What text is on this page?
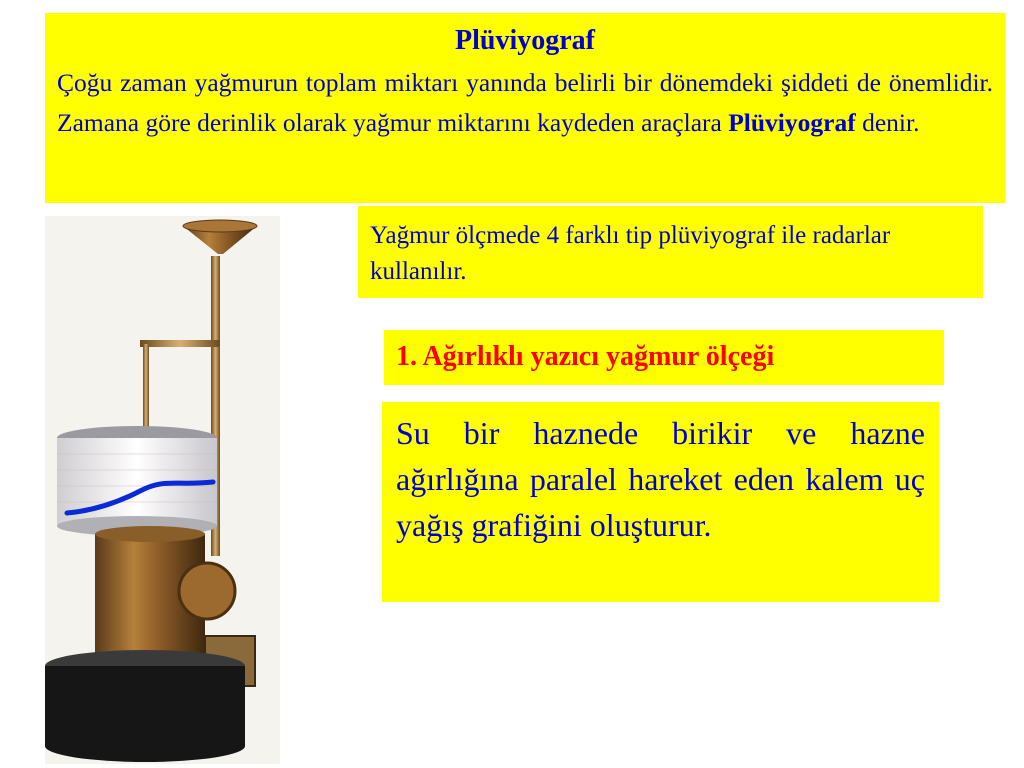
Plüviyograf

Çoğu zaman yağmurun toplam miktarı yanında belirli bir dönemdeki şiddeti de önemlidir. Zamana göre derinlik olarak yağmur miktarını kaydeden araçlara Plüviyograf denir.

Yağmur ölçmede 4 farklı tip plüviyograf ile radarlar kullanılır.
1. Ağırlıklı yazıcı yağmur ölçeği
Su bir haznede birikir ve hazne ağırlığına paralel hareket eden kalem uç yağış grafiğini oluşturur.
